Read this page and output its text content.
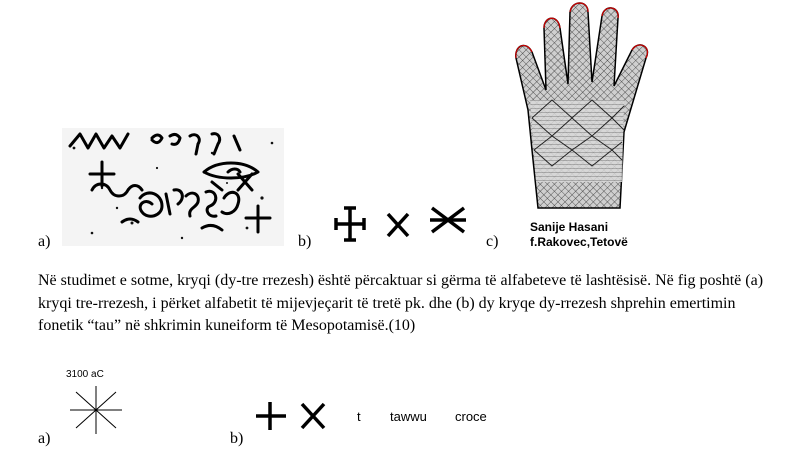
a)	b)	c)
Sanije Hasani
f.Rakovec,Tetovë
Në studimet e sotme, kryqi (dy-tre rrezesh) është përcaktuar si gërma të alfabeteve të lashtësisë. Në fig poshtë (a) kryqi tre-rrezesh, i përket alfabetit të mijevjeçarit të tretë pk. dhe (b) dy kryqe dy-rrezesh shprehin emertimin fonetik “tau” në shkrimin kuneiform të Mesopotamisë.(10)
3100 aC
a)	b)
t tawwu croce
